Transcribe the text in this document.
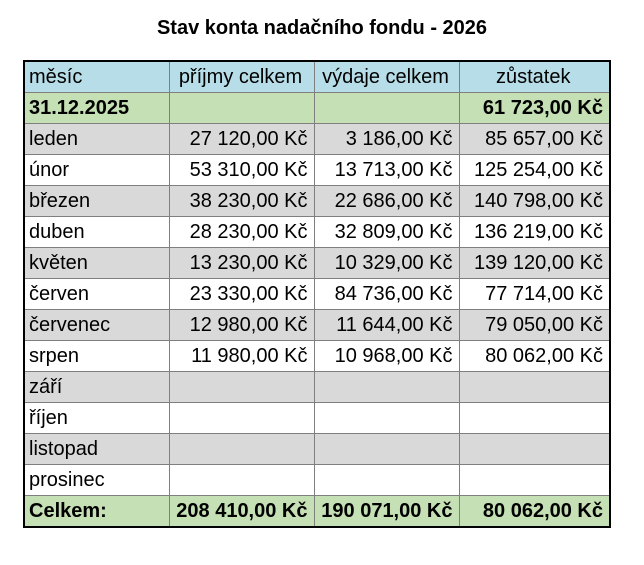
Stav konta nadačního fondu - 2026
měsíc	příjmy celkem	výdaje celkem	zůstatek
31.12.2025			61 723,00 Kč
leden	27 120,00 Kč	3 186,00 Kč	85 657,00 Kč
únor	53 310,00 Kč	13 713,00 Kč	125 254,00 Kč
březen	38 230,00 Kč	22 686,00 Kč	140 798,00 Kč
duben	28 230,00 Kč	32 809,00 Kč	136 219,00 Kč
květen	13 230,00 Kč	10 329,00 Kč	139 120,00 Kč
červen	23 330,00 Kč	84 736,00 Kč	77 714,00 Kč
červenec	12 980,00 Kč	11 644,00 Kč	79 050,00 Kč
srpen	11 980,00 Kč	10 968,00 Kč	80 062,00 Kč
září			
říjen			
listopad			
prosinec			
Celkem:	208 410,00 Kč	190 071,00 Kč	80 062,00 Kč
